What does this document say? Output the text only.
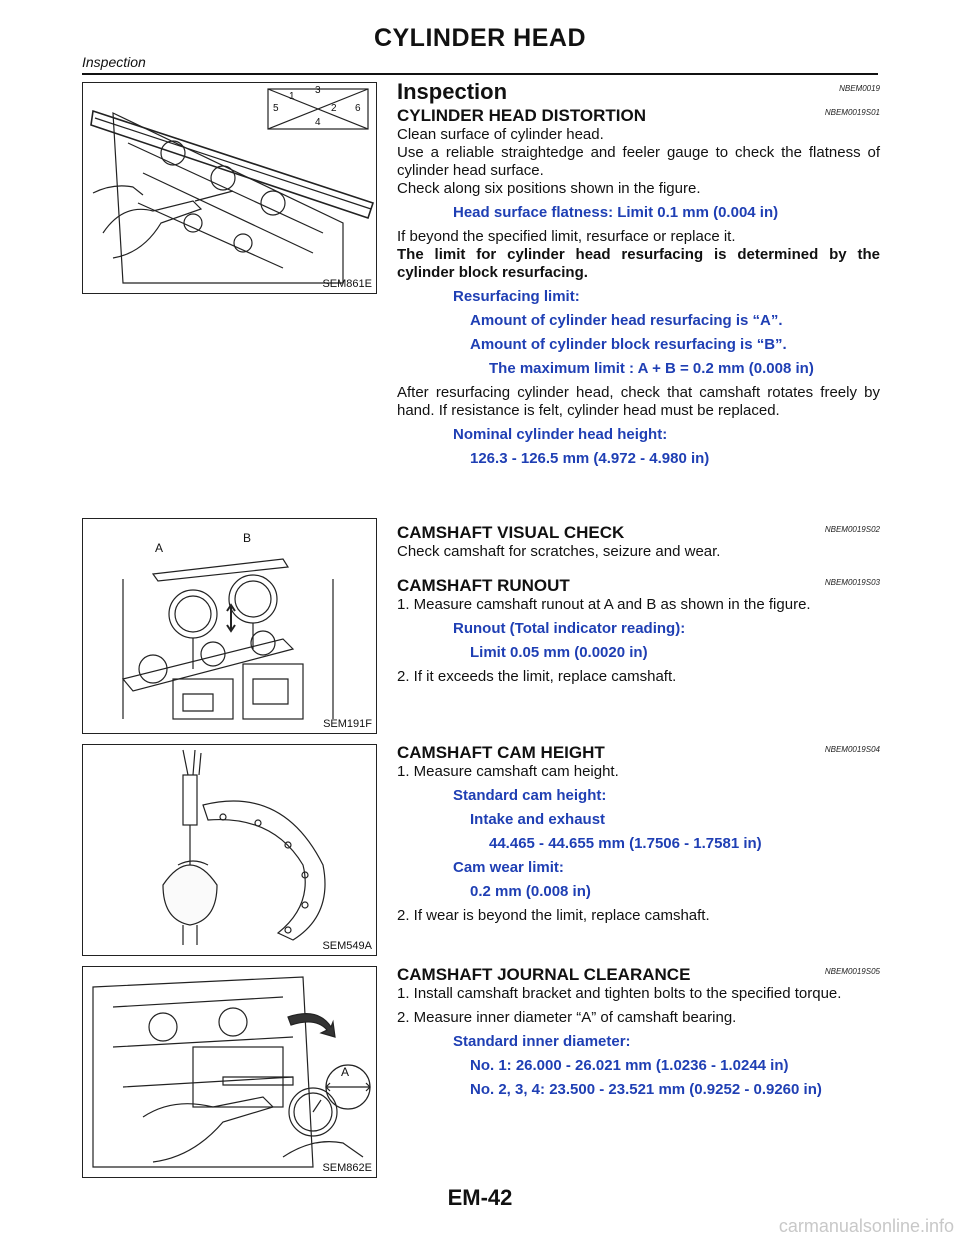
CYLINDER HEAD
Inspection
1
2
3
4
5	6
SEM861E
A
B
SEM191F
SEM549A
A
SEM862E
Inspection	NBEM0019
CYLINDER HEAD DISTORTION	NBEM0019S01

Clean surface of cylinder head.

Use a reliable straightedge and feeler gauge to check the flatness of cylinder head surface.

Check along six positions shown in the figure.

Head surface flatness: Limit 0.1 mm (0.004 in)

If beyond the specified limit, resurface or replace it.

The limit for cylinder head resurfacing is determined by the cylinder block resurfacing.

Resurfacing limit:

Amount of cylinder head resurfacing is “A”.

Amount of cylinder block resurfacing is “B”.

The maximum limit : A + B = 0.2 mm (0.008 in)

After resurfacing cylinder head, check that camshaft rotates freely by hand. If resistance is felt, cylinder head must be replaced.

Nominal cylinder head height:

126.3 - 126.5 mm (4.972 - 4.980 in)

CAMSHAFT VISUAL CHECK	NBEM0019S02

Check camshaft for scratches, seizure and wear.

CAMSHAFT RUNOUT	NBEM0019S03

1. Measure camshaft runout at A and B as shown in the figure.

Runout (Total indicator reading):

Limit 0.05 mm (0.0020 in)

2. If it exceeds the limit, replace camshaft.

CAMSHAFT CAM HEIGHT	NBEM0019S04

1. Measure camshaft cam height.

Standard cam height:

Intake and exhaust

44.465 - 44.655 mm (1.7506 - 1.7581 in)

Cam wear limit:

0.2 mm (0.008 in)

2. If wear is beyond the limit, replace camshaft.

CAMSHAFT JOURNAL CLEARANCE	NBEM0019S05

1. Install camshaft bracket and tighten bolts to the specified torque.

2. Measure inner diameter “A” of camshaft bearing.

Standard inner diameter:

No. 1: 26.000 - 26.021 mm (1.0236 - 1.0244 in)

No. 2, 3, 4: 23.500 - 23.521 mm (0.9252 - 0.9260 in)

EM-42
carmanualsonline.info
